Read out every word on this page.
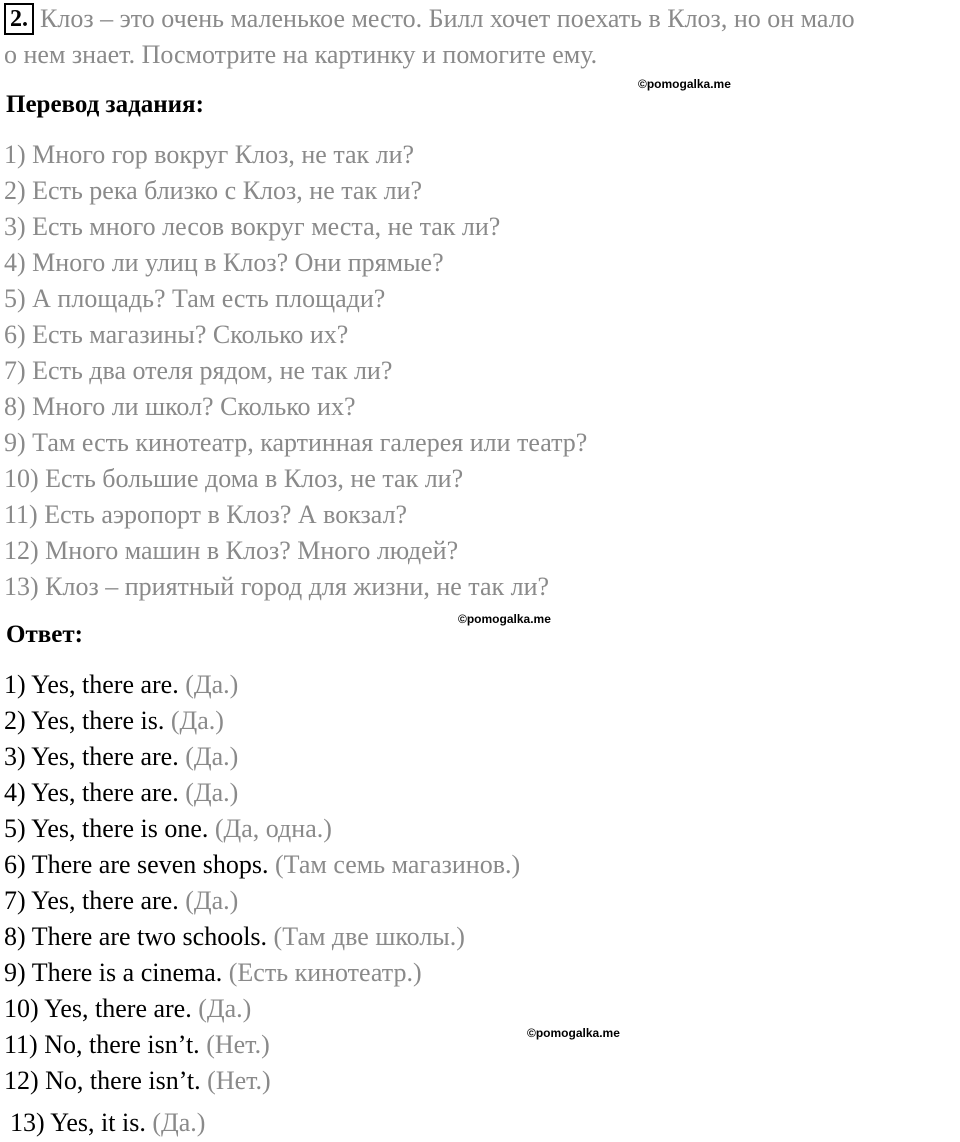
2. Клоз – это очень маленькое место. Билл хочет поехать в Клоз, но он мало
о нем знает. Посмотрите на картинку и помогите ему.
©pomogalka.me
Перевод задания:
1) Много гор вокруг Клоз, не так ли?
2) Есть река близко с Клоз, не так ли?
3) Есть много лесов вокруг места, не так ли?
4) Много ли улиц в Клоз? Они прямые?
5) А площадь? Там есть площади?
6) Есть магазины? Сколько их?
7) Есть два отеля рядом, не так ли?
8) Много ли школ? Сколько их?
9) Там есть кинотеатр, картинная галерея или театр?
10) Есть большие дома в Клоз, не так ли?
11) Есть аэропорт в Клоз? А вокзал?
12) Много машин в Клоз? Много людей?
13) Клоз – приятный город для жизни, не так ли?
Ответ:
©pomogalka.me
1) Yes, there are. (Да.)
2) Yes, there is. (Да.)
3) Yes, there are. (Да.)
4) Yes, there are. (Да.)
5) Yes, there is one. (Да, одна.)
6) There are seven shops. (Там семь магазинов.)
7) Yes, there are. (Да.)
8) There are two schools. (Там две школы.)
9) There is a cinema. (Есть кинотеатр.)
10) Yes, there are. (Да.)
11) No, there isn’t. (Нет.)	©pomogalka.me
12) No, there isn’t. (Нет.)
13) Yes, it is. (Да.)
